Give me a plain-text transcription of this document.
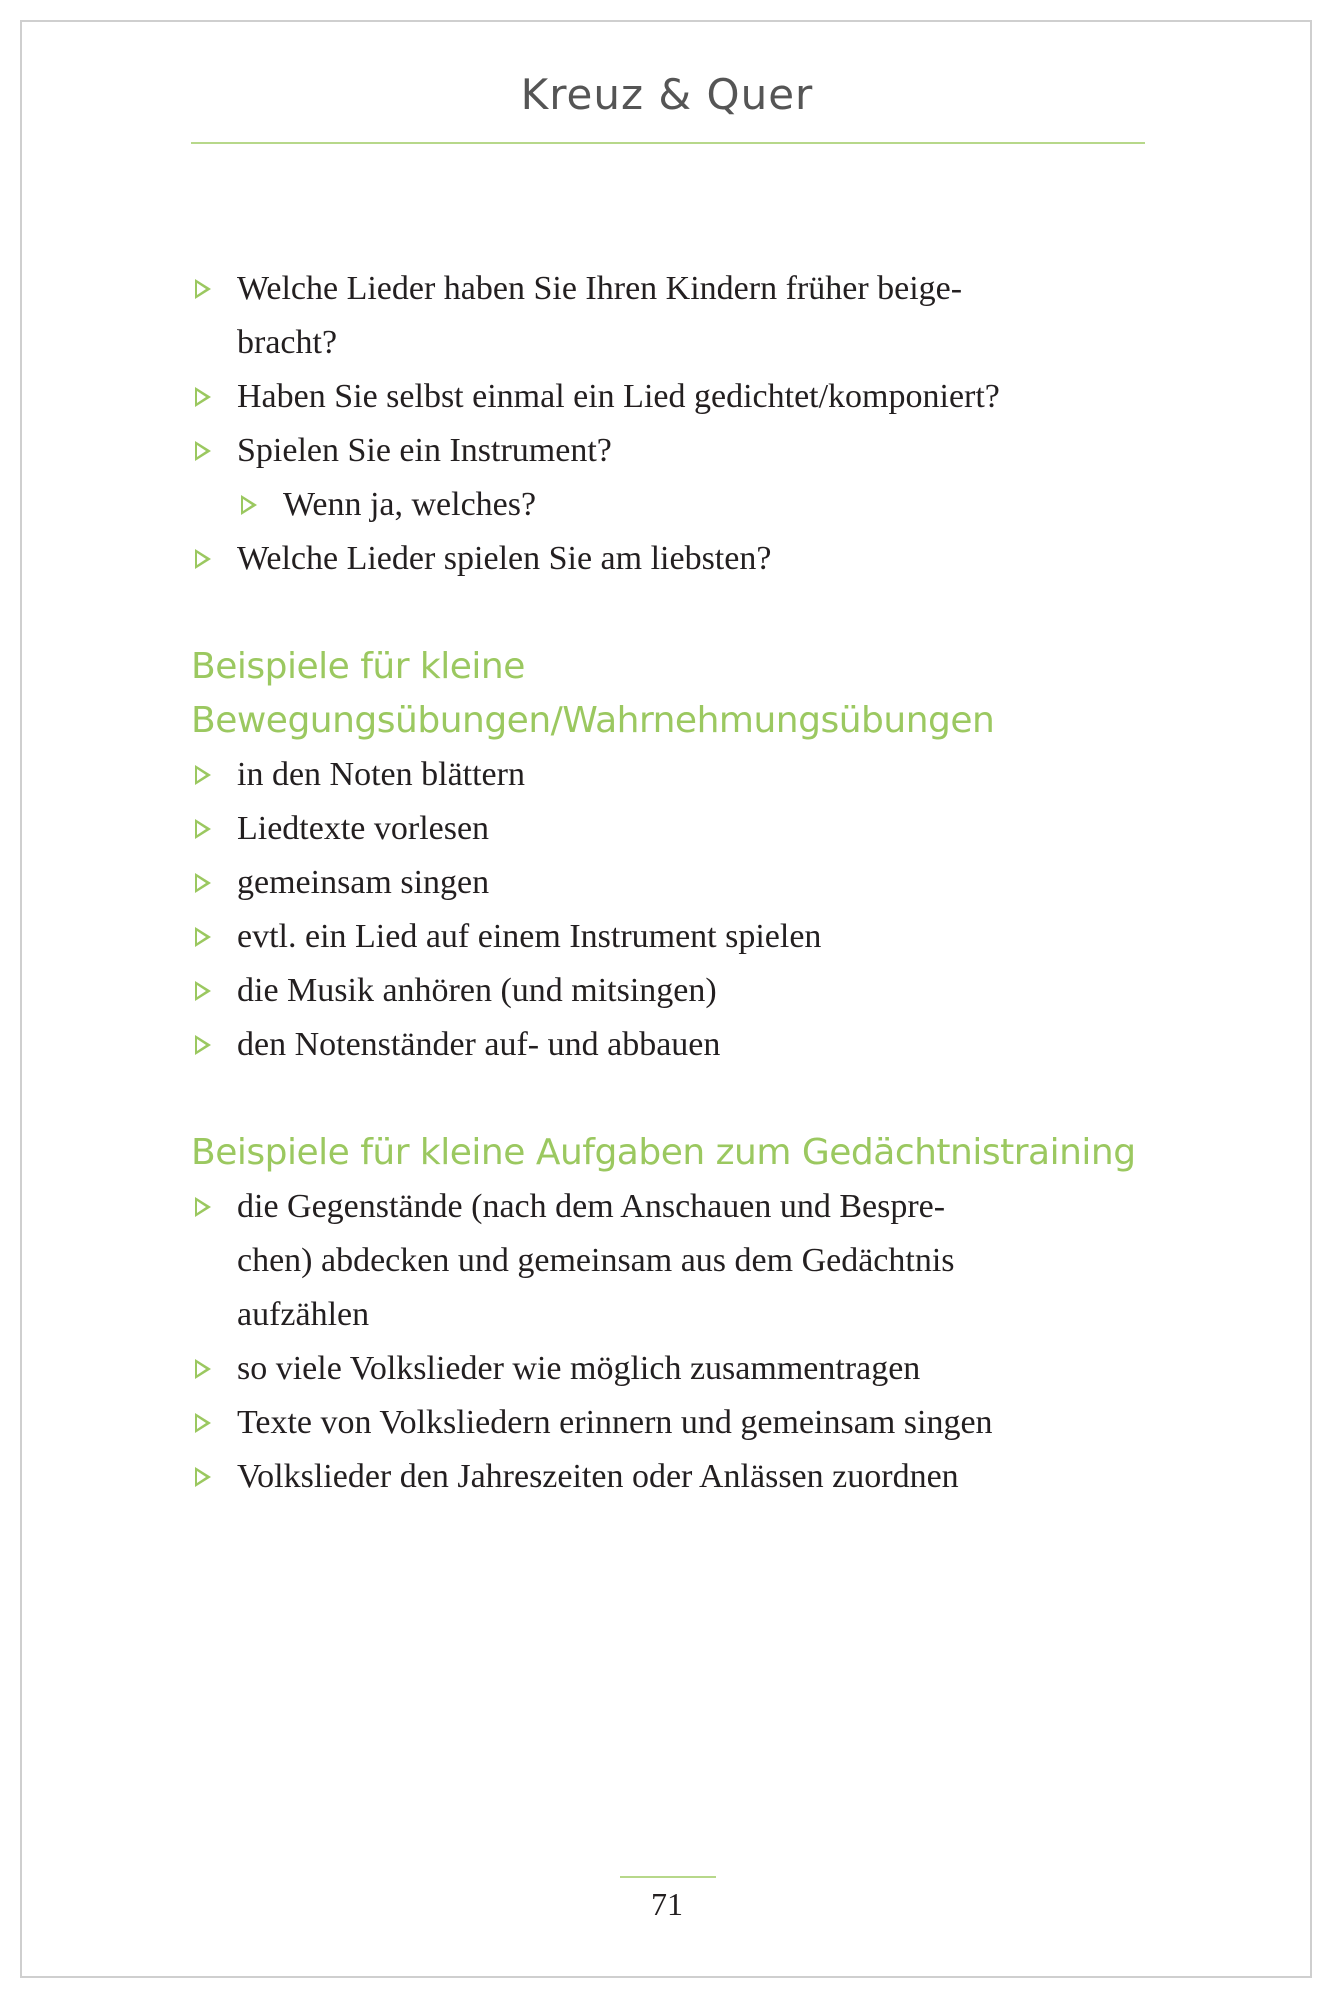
Kreuz & Quer
Welche Lieder haben Sie Ihren Kindern früher beige-
bracht?
Haben Sie selbst einmal ein Lied gedichtet/komponiert?
Spielen Sie ein Instrument?
Wenn ja, welches?
Welche Lieder spielen Sie am liebsten?
Beispiele für kleine Bewegungsübungen/Wahrnehmungsübungen
in den Noten blättern
Liedtexte vorlesen
gemeinsam singen
evtl. ein Lied auf einem Instrument spielen
die Musik anhören (und mitsingen)
den Notenständer auf- und abbauen
Beispiele für kleine Aufgaben zum Gedächtnistraining
die Gegenstände (nach dem Anschauen und Bespre-
chen) abdecken und gemeinsam aus dem Gedächtnis
aufzählen
so viele Volkslieder wie möglich zusammentragen
Texte von Volksliedern erinnern und gemeinsam singen
Volkslieder den Jahreszeiten oder Anlässen zuordnen
71
